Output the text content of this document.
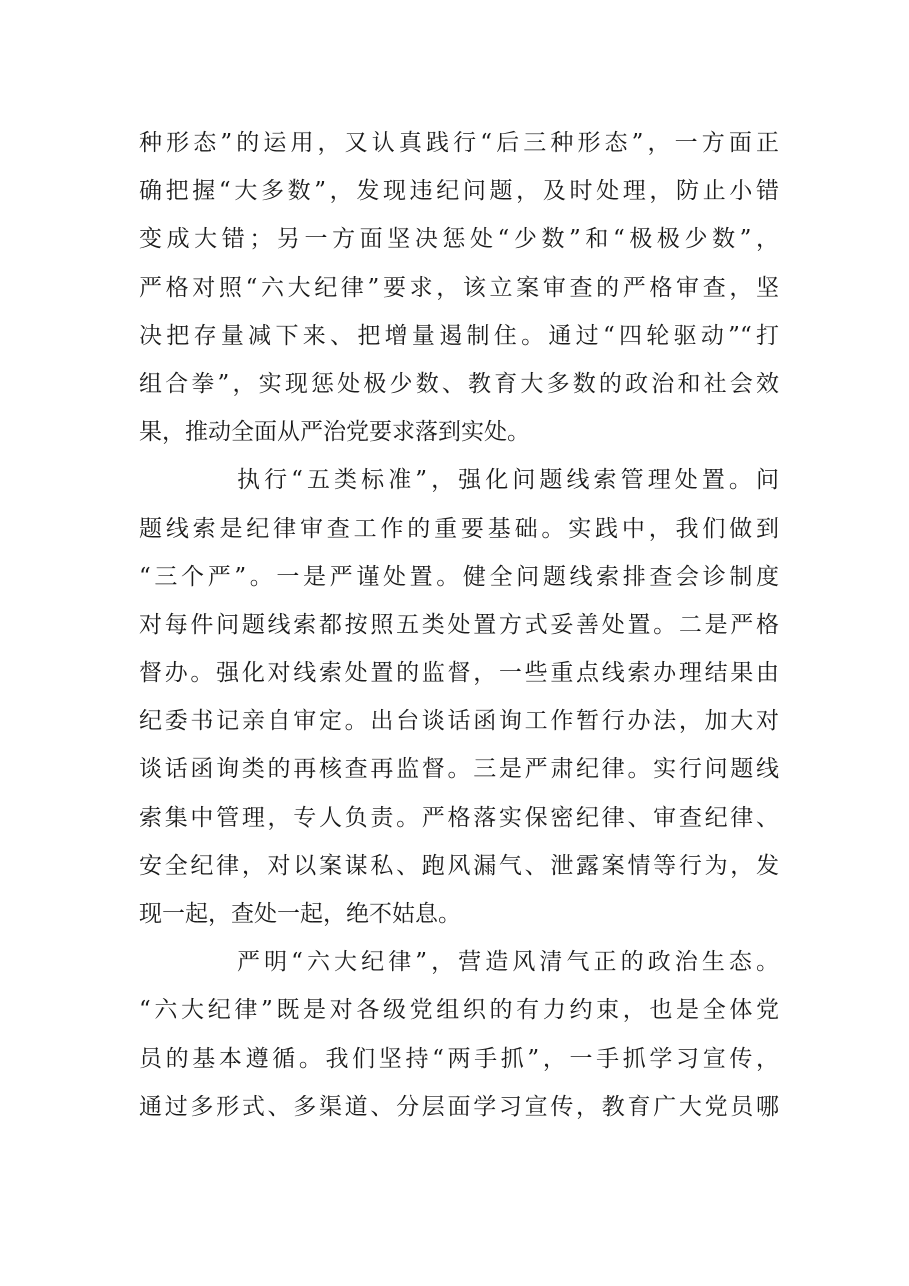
种形态”的运用，又认真践行“后三种形态”，一方面正
确把握“大多数”，发现违纪问题，及时处理，防止小错
变成大错；另一方面坚决惩处“少数”和“极极少数”，
严格对照“六大纪律”要求，该立案审查的严格审查，坚
决把存量减下来、把增量遏制住。通过“四轮驱动”“打
组合拳”，实现惩处极少数、教育大多数的政治和社会效
果，推动全面从严治党要求落到实处。
执行“五类标准”，强化问题线索管理处置。问
题线索是纪律审查工作的重要基础。实践中，我们做到
“三个严”。一是严谨处置。健全问题线索排查会诊制度
对每件问题线索都按照五类处置方式妥善处置。二是严格
督办。强化对线索处置的监督，一些重点线索办理结果由
纪委书记亲自审定。出台谈话函询工作暂行办法，加大对
谈话函询类的再核查再监督。三是严肃纪律。实行问题线
索集中管理，专人负责。严格落实保密纪律、审查纪律、
安全纪律，对以案谋私、跑风漏气、泄露案情等行为，发
现一起，查处一起，绝不姑息。
严明“六大纪律”，营造风清气正的政治生态。
“六大纪律”既是对各级党组织的有力约束，也是全体党
员的基本遵循。我们坚持“两手抓”，一手抓学习宣传，
通过多形式、多渠道、分层面学习宣传，教育广大党员哪
